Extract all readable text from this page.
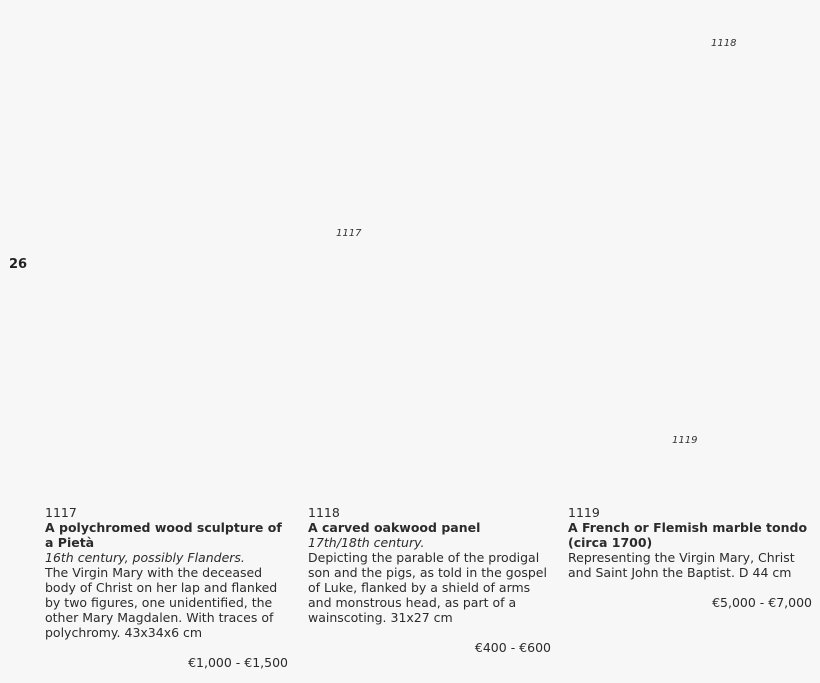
1118
1117
1119
26
1117
A polychromed wood sculpture of a Pietà
16th century, possibly Flanders.
The Virgin Mary with the deceased body of Christ on her lap and flanked by two figures, one unidentified, the other Mary Magdalen. With traces of polychromy. 43x34x6 cm
€1,000 - €1,500
1118
A carved oakwood panel
17th/18th century.
Depicting the parable of the prodigal son and the pigs, as told in the gospel of Luke, flanked by a shield of arms and monstrous head, as part of a wainscoting. 31x27 cm
€400 - €600
1119
A French or Flemish marble tondo (circa 1700)
Representing the Virgin Mary, Christ and Saint John the Baptist. D 44 cm
€5,000 - €7,000
